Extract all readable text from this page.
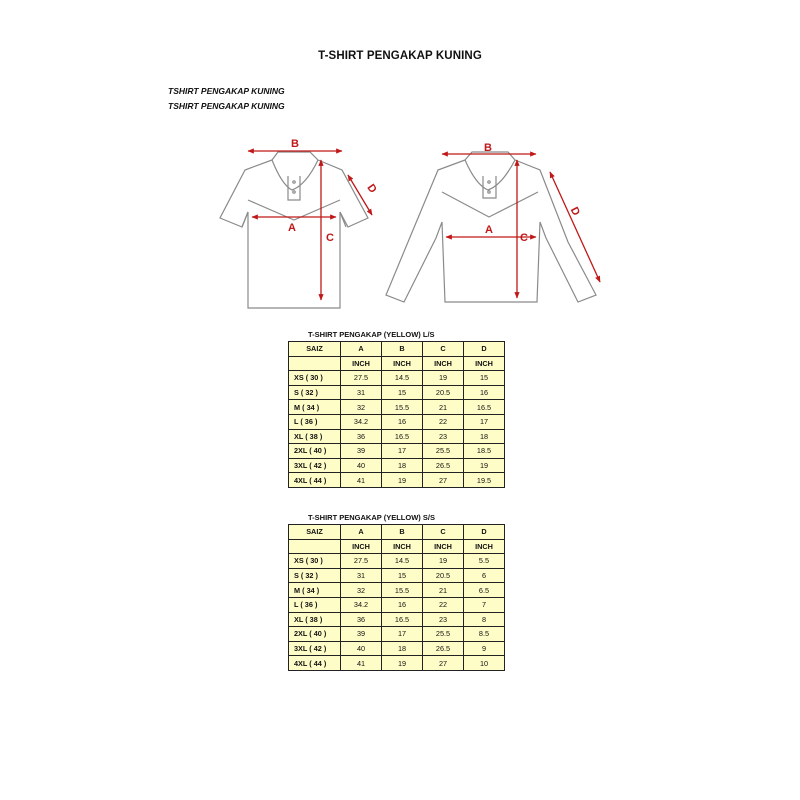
T-SHIRT PENGAKAP KUNING
TSHIRT PENGAKAP KUNING
TSHIRT PENGAKAP KUNING
B
A
C
D
B
A
C
D
T-SHIRT PENGAKAP (YELLOW) L/S
SAIZ	A	B	C	D
	INCH	INCH	INCH	INCH
XS ( 30 )	27.5	14.5	19	15
S ( 32 )	31	15	20.5	16
M ( 34 )	32	15.5	21	16.5
L ( 36 )	34.2	16	22	17
XL ( 38 )	36	16.5	23	18
2XL ( 40 )	39	17	25.5	18.5
3XL ( 42 )	40	18	26.5	19
4XL ( 44 )	41	19	27	19.5
T-SHIRT PENGAKAP (YELLOW) S/S
SAIZ	A	B	C	D
	INCH	INCH	INCH	INCH
XS ( 30 )	27.5	14.5	19	5.5
S ( 32 )	31	15	20.5	6
M ( 34 )	32	15.5	21	6.5
L ( 36 )	34.2	16	22	7
XL ( 38 )	36	16.5	23	8
2XL ( 40 )	39	17	25.5	8.5
3XL ( 42 )	40	18	26.5	9
4XL ( 44 )	41	19	27	10
